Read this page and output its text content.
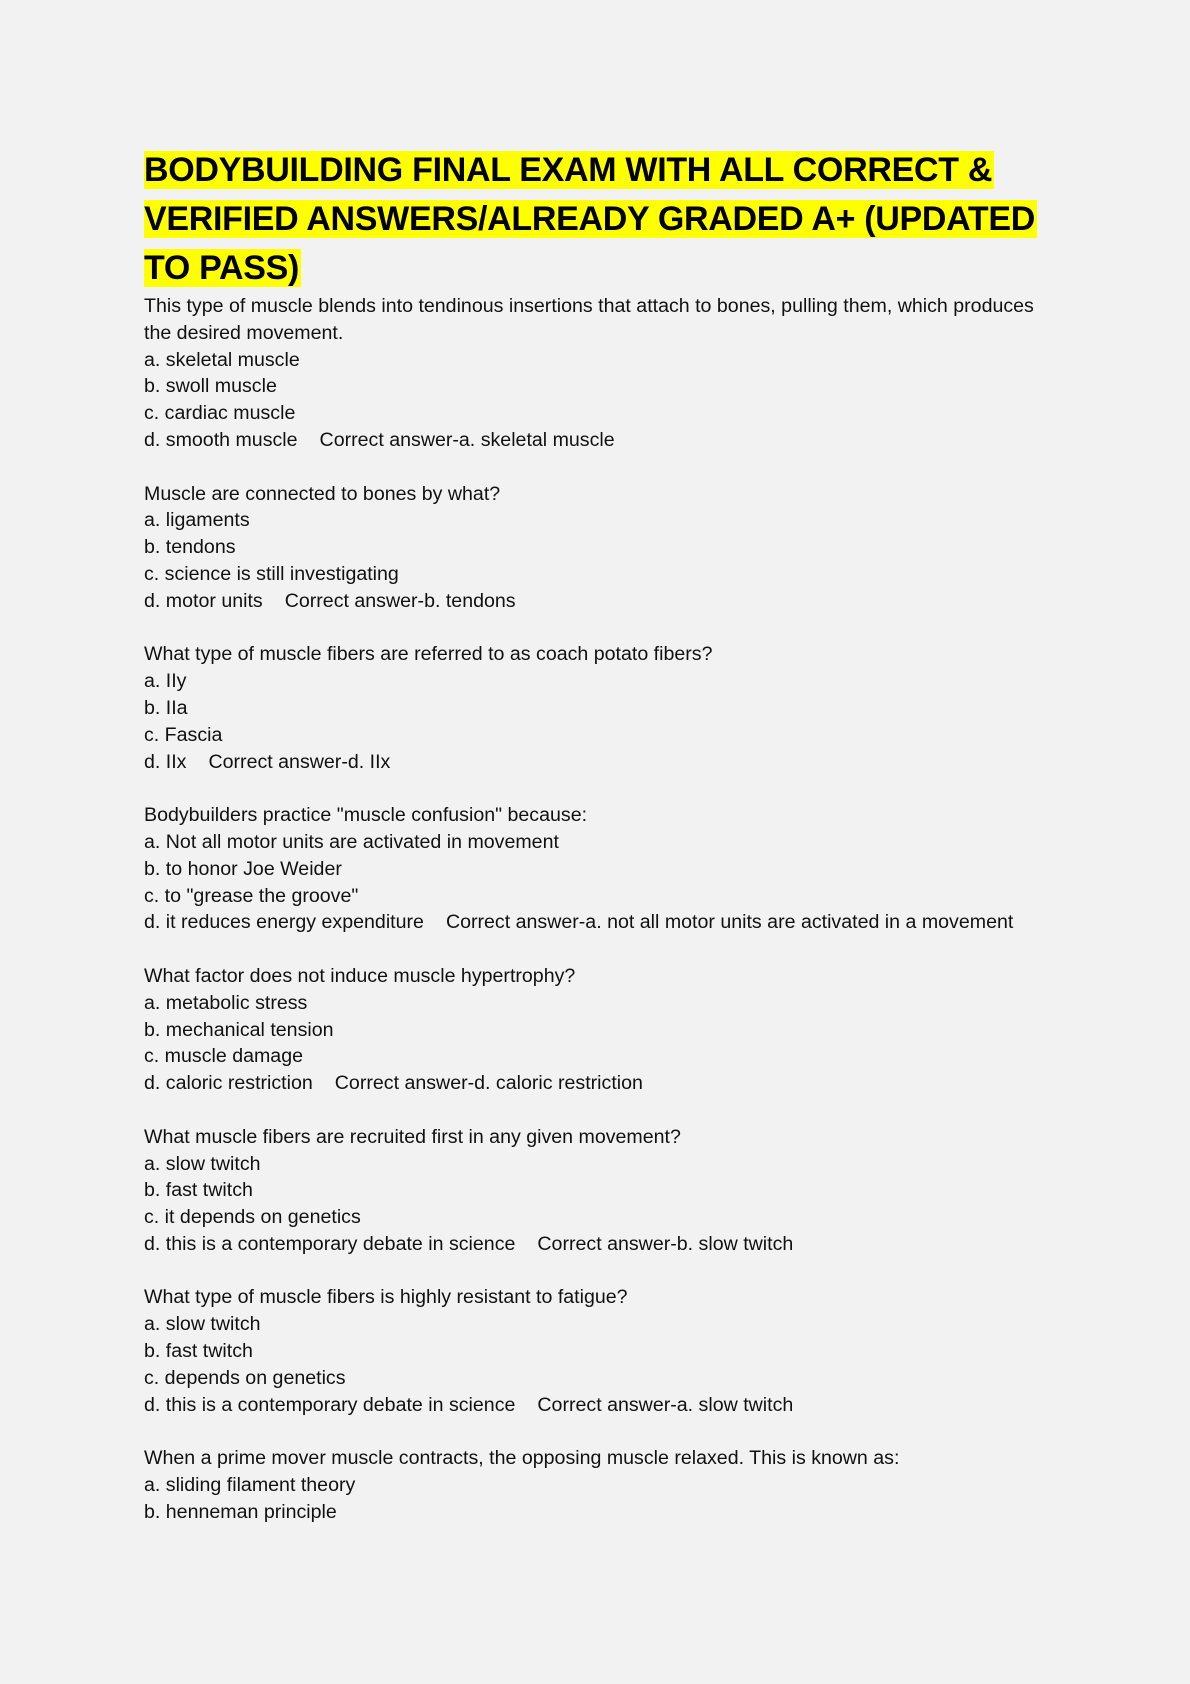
BODYBUILDING FINAL EXAM WITH ALL CORRECT & VERIFIED ANSWERS/ALREADY GRADED A+ (UPDATED TO PASS)
This type of muscle blends into tendinous insertions that attach to bones, pulling them, which produces the desired movement.
a. skeletal muscle
b. swoll muscle
c. cardiac muscle
d. smooth muscle Correct answer-a. skeletal muscle
Muscle are connected to bones by what?
a. ligaments
b. tendons
c. science is still investigating
d. motor units Correct answer-b. tendons
What type of muscle fibers are referred to as coach potato fibers?
a. IIy
b. IIa
c. Fascia
d. IIx Correct answer-d. IIx
Bodybuilders practice "muscle confusion" because:
a. Not all motor units are activated in movement
b. to honor Joe Weider
c. to "grease the groove"
d. it reduces energy expenditure Correct answer-a. not all motor units are activated in a movement
What factor does not induce muscle hypertrophy?
a. metabolic stress
b. mechanical tension
c. muscle damage
d. caloric restriction Correct answer-d. caloric restriction
What muscle fibers are recruited first in any given movement?
a. slow twitch
b. fast twitch
c. it depends on genetics
d. this is a contemporary debate in science Correct answer-b. slow twitch
What type of muscle fibers is highly resistant to fatigue?
a. slow twitch
b. fast twitch
c. depends on genetics
d. this is a contemporary debate in science Correct answer-a. slow twitch
When a prime mover muscle contracts, the opposing muscle relaxed. This is known as:
a. sliding filament theory
b. henneman principle
